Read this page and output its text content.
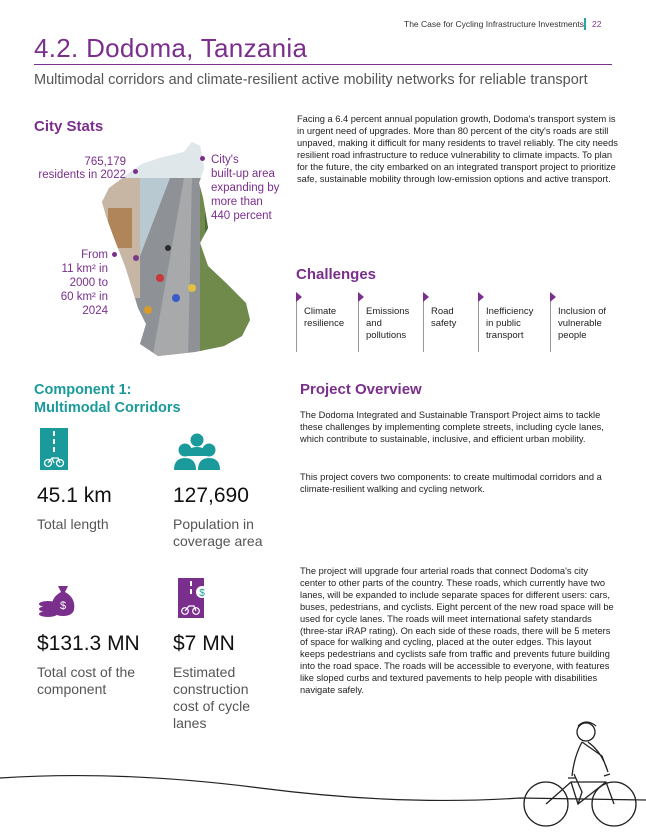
The Case for Cycling Infrastructure Investments 22
4.2. Dodoma, Tanzania
Multimodal corridors and climate-resilient active mobility networks for reliable transport
City Stats
765,179
residents in 2022
City's
built-up area
expanding by
more than
440 percent
From
11 km² in
2000 to
60 km² in
2024
Facing a 6.4 percent annual population growth, Dodoma's transport system is in urgent need of upgrades. More than 80 percent of the city's roads are still unpaved, making it difficult for many residents to travel reliably. The city needs resilient road infrastructure to reduce vulnerability to climate impacts. To plan for the future, the city embarked on an integrated transport project to prioritize safe, sustainable mobility through low-emission options and active transport.
Challenges
Climate
resilience
Emissions
and
pollutions
Road
safety
Inefficiency
in public
transport
Inclusion of
vulnerable
people
Component 1:
Multimodal Corridors
45.1 km
Total length
127,690
Population in
coverage area
$
$
$131.3 MN
Total cost of the
component
$7 MN
Estimated
construction
cost of cycle
lanes
Project Overview
The Dodoma Integrated and Sustainable Transport Project aims to tackle these challenges by implementing complete streets, including cycle lanes, which contribute to sustainable, inclusive, and efficient urban mobility.
This project covers two components: to create multimodal corridors and a climate-resilient walking and cycling network.
The project will upgrade four arterial roads that connect Dodoma's city center to other parts of the country. These roads, which currently have two lanes, will be expanded to include separate spaces for different users: cars, buses, pedestrians, and cyclists. Eight percent of the new road space will be used for cycle lanes. The roads will meet international safety standards (three-star iRAP rating). On each side of these roads, there will be 5 meters of space for walking and cycling, placed at the outer edges. This layout keeps pedestrians and cyclists safe from traffic and prevents future building into the road space. The roads will be accessible to everyone, with features like sloped curbs and textured pavements to help people with disabilities navigate safely.
